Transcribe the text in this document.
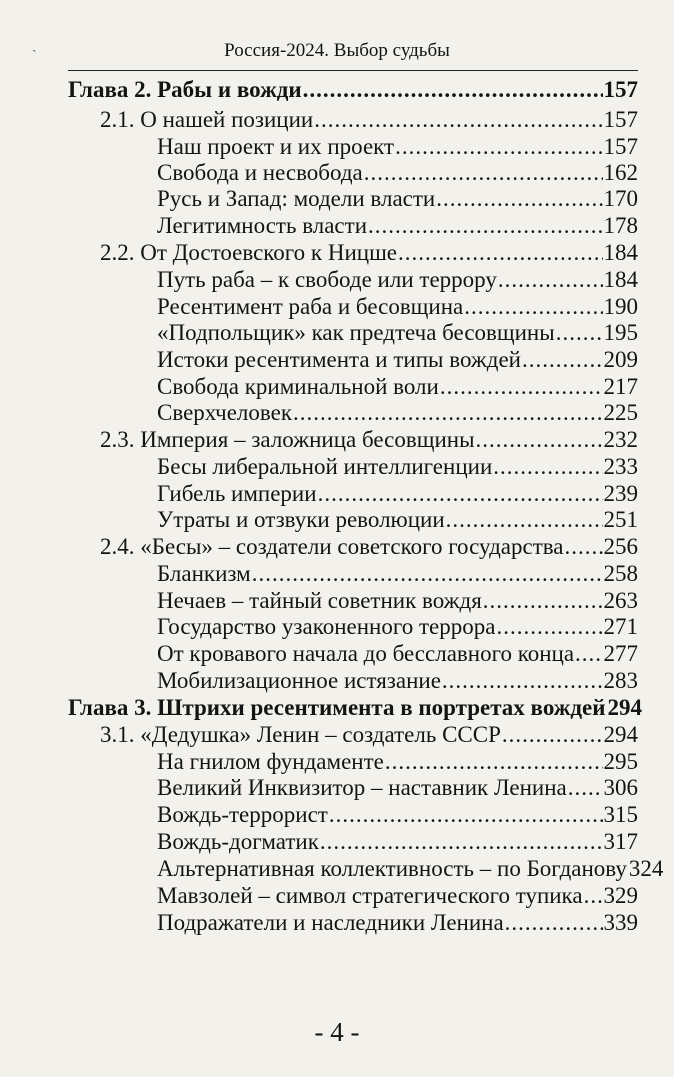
ˎ	Россия-2024. Выбор судьбы
Глава 2. Рабы и вожди .....	157
2.1. О нашей позиции .....	157
Наш проект и их проект .....	157
Свобода и несвобода .....	162
Русь и Запад: модели власти .....	170
Легитимность власти .....	178
2.2. От Достоевского к Ницше .....	184
Путь раба – к свободе или террору .....	184
Ресентимент раба и бесовщина .....	190
«Подпольщик» как предтеча бесовщины ..... 195
Истоки ресентимента и типы вождей .....	209
Свобода криминальной воли .....	217
Сверхчеловек .....	225
2.3. Империя – заложница бесовщины .....	232
Бесы либеральной интеллигенции .....	233
Гибель империи .....	239
Утраты и отзвуки революции .....	251
2.4. «Бесы» – создатели советского государства ..... 256
Бланкизм .....	258
Нечаев – тайный советник вождя .....	263
Государство узаконенного террора .....	271
От кровавого начала до бесславного конца ..... 277
Мобилизационное истязание .....	283
Глава 3. Штрихи ресентимента в портретах вождей 294
3.1. «Дедушка» Ленин – создатель СССР .....	294
На гнилом фундаменте .....	295
Великий Инквизитор – наставник Ленина ..... 306
Вождь-террорист .....	315
Вождь-догматик .....	317
Альтернативная коллективность – по Богданову 324
Мавзолей – символ стратегического тупика ..... 329
Подражатели и наследники Ленина .....	339
- 4 -
